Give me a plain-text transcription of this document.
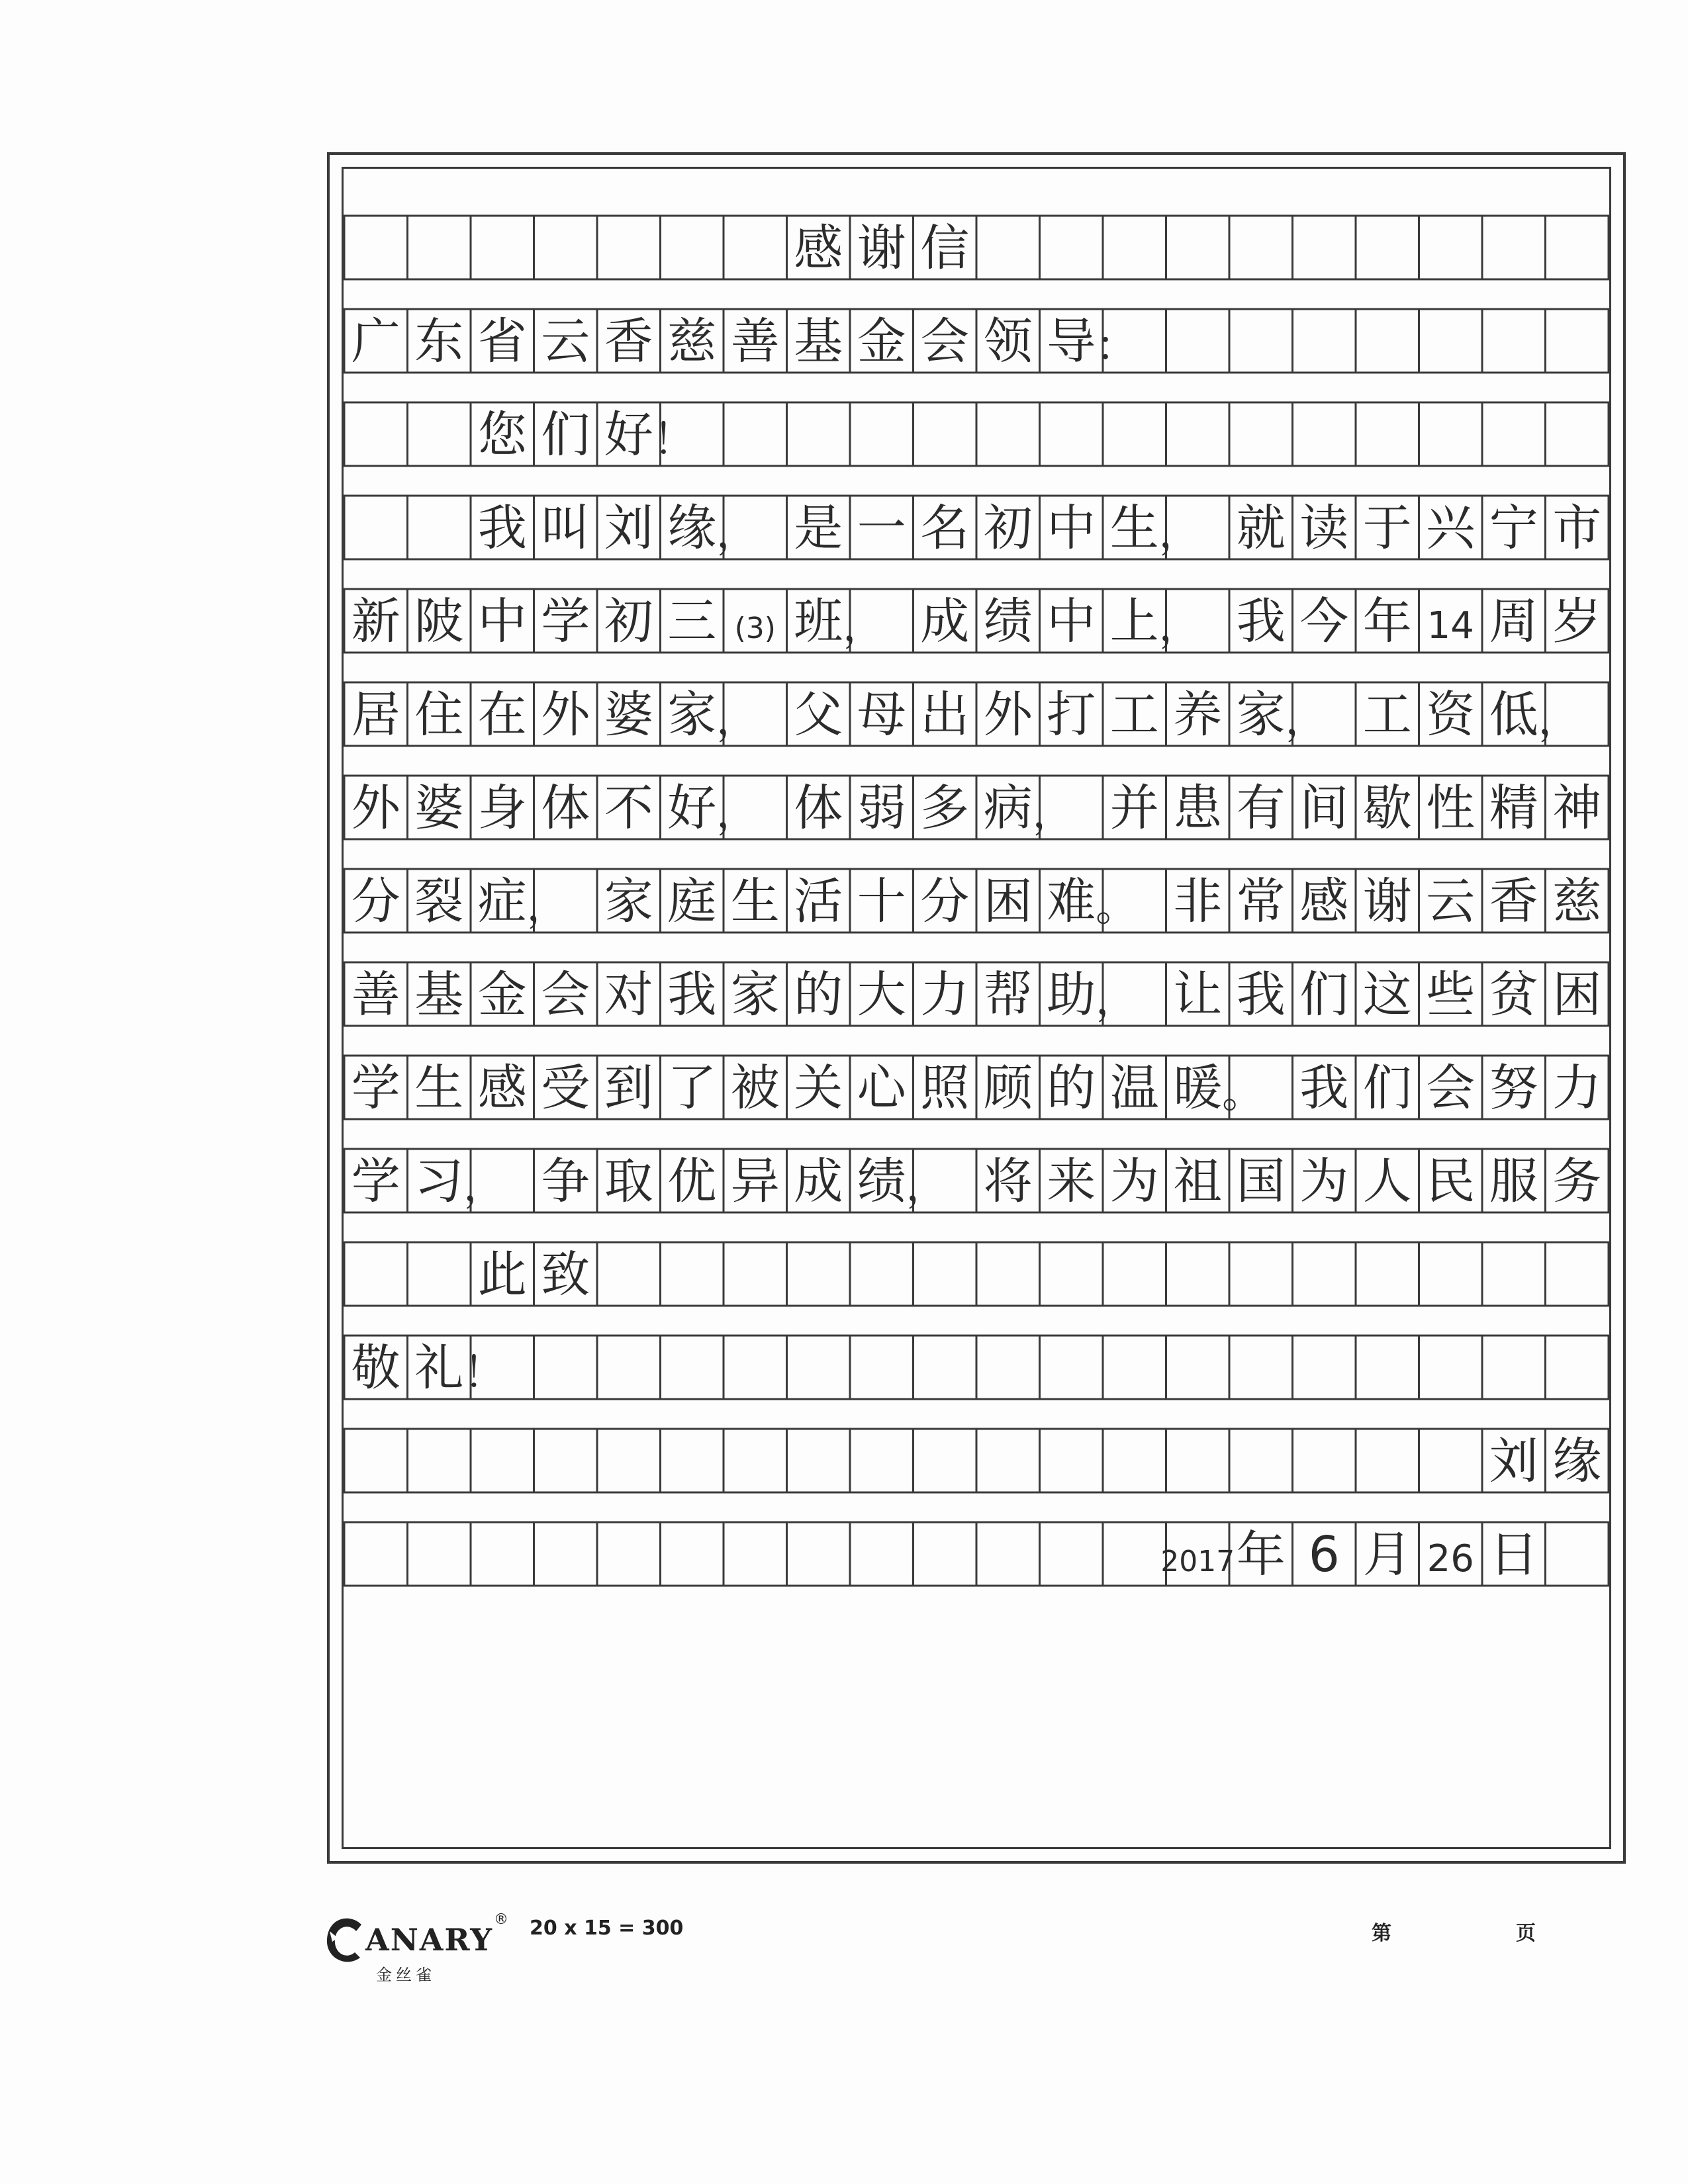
感 谢 信
广 东 省 云 香 慈 善 基 金 会 领 导 ：
您 们 好 ！
我 叫 刘 缘 ， 是 一 名 初 中 生 ， 就 读 于 兴 宁 市
新 陂 中 学 初 三 (3) 班 ， 成 绩 中 上 ， 我 今 年 14 周 岁
居 住 在 外 婆 家 ， 父 母 出 外 打 工 养 家 ， 工 资 低 ，
外 婆 身 体 不 好 ， 体 弱 多 病 ， 并 患 有 间 歇 性 精 神
分 裂 症 ， 家 庭 生 活 十 分 困 难 。 非 常 感 谢 云 香 慈
善 基 金 会 对 我 家 的 大 力 帮 助 ， 让 我 们 这 些 贫 困
学 生 感 受 到 了 被 关 心 照 顾 的 温 暖 。 我 们 会 努 力
学 习 ， 争 取 优 异 成 绩 ， 将 来 为 祖 国 为 人 民 服 务
此 致
敬 礼 ！
刘 缘
2017 年 6 月 26 日
ANARY
®
金丝雀
20 x 15 = 300	第	页
